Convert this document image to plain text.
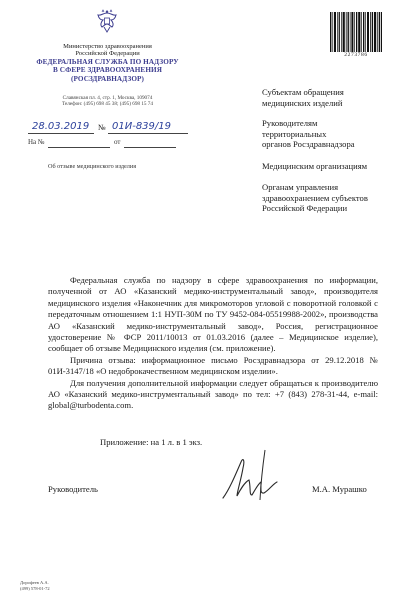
Министерство здравоохранения
Российской Федерации
ФЕДЕРАЛЬНАЯ СЛУЖБА ПО НАДЗОРУ
В СФЕРЕ ЗДРАВООХРАНЕНИЯ
(РОСЗДРАВНАДЗОР)
Славянская пл. 4, стр. 1, Москва, 109074
Телефон: (495) 698 45 38; (495) 698 15 74
28.03.2019 № 01И-839/19
На №	от
Об отзыве медицинского изделия
2273786
Субъектам обращения
медицинских изделий
Руководителям
территориальных
органов Росздравнадзора
Медицинским организациям
Органам управления
здравоохранением субъектов
Российской Федерации

Федеральная служба по надзору в сфере здравоохранения по информации, полученной от АО «Казанский медико-инструментальный завод», производителя медицинского изделия «Наконечник для микромоторов угловой с поворотной головкой с передаточным отношением 1:1 НУП-30М по ТУ 9452-084-05519988-2002», производства АО «Казанский медико-инструментальный завод», Россия, регистрационное удостоверение № ФСР 2011/10013 от 01.03.2016 (далее – Медицинское изделие), сообщает об отзыве Медицинского изделия (см. приложение).

Причина отзыва: информационное письмо Росздравнадзора от 29.12.2018 № 01И-3147/18 «О недоброкачественном медицинском изделии».

Для получения дополнительной информации следует обращаться к производителю АО «Казанский медико-инструментальный завод» по тел: +7 (843) 278-31-44, e-mail: global@turbodenta.com.

Приложение: на 1 л. в 1 экз.
Руководитель	М.А. Мурашко
Дорофеев А.А.
(499) 578-01-72
